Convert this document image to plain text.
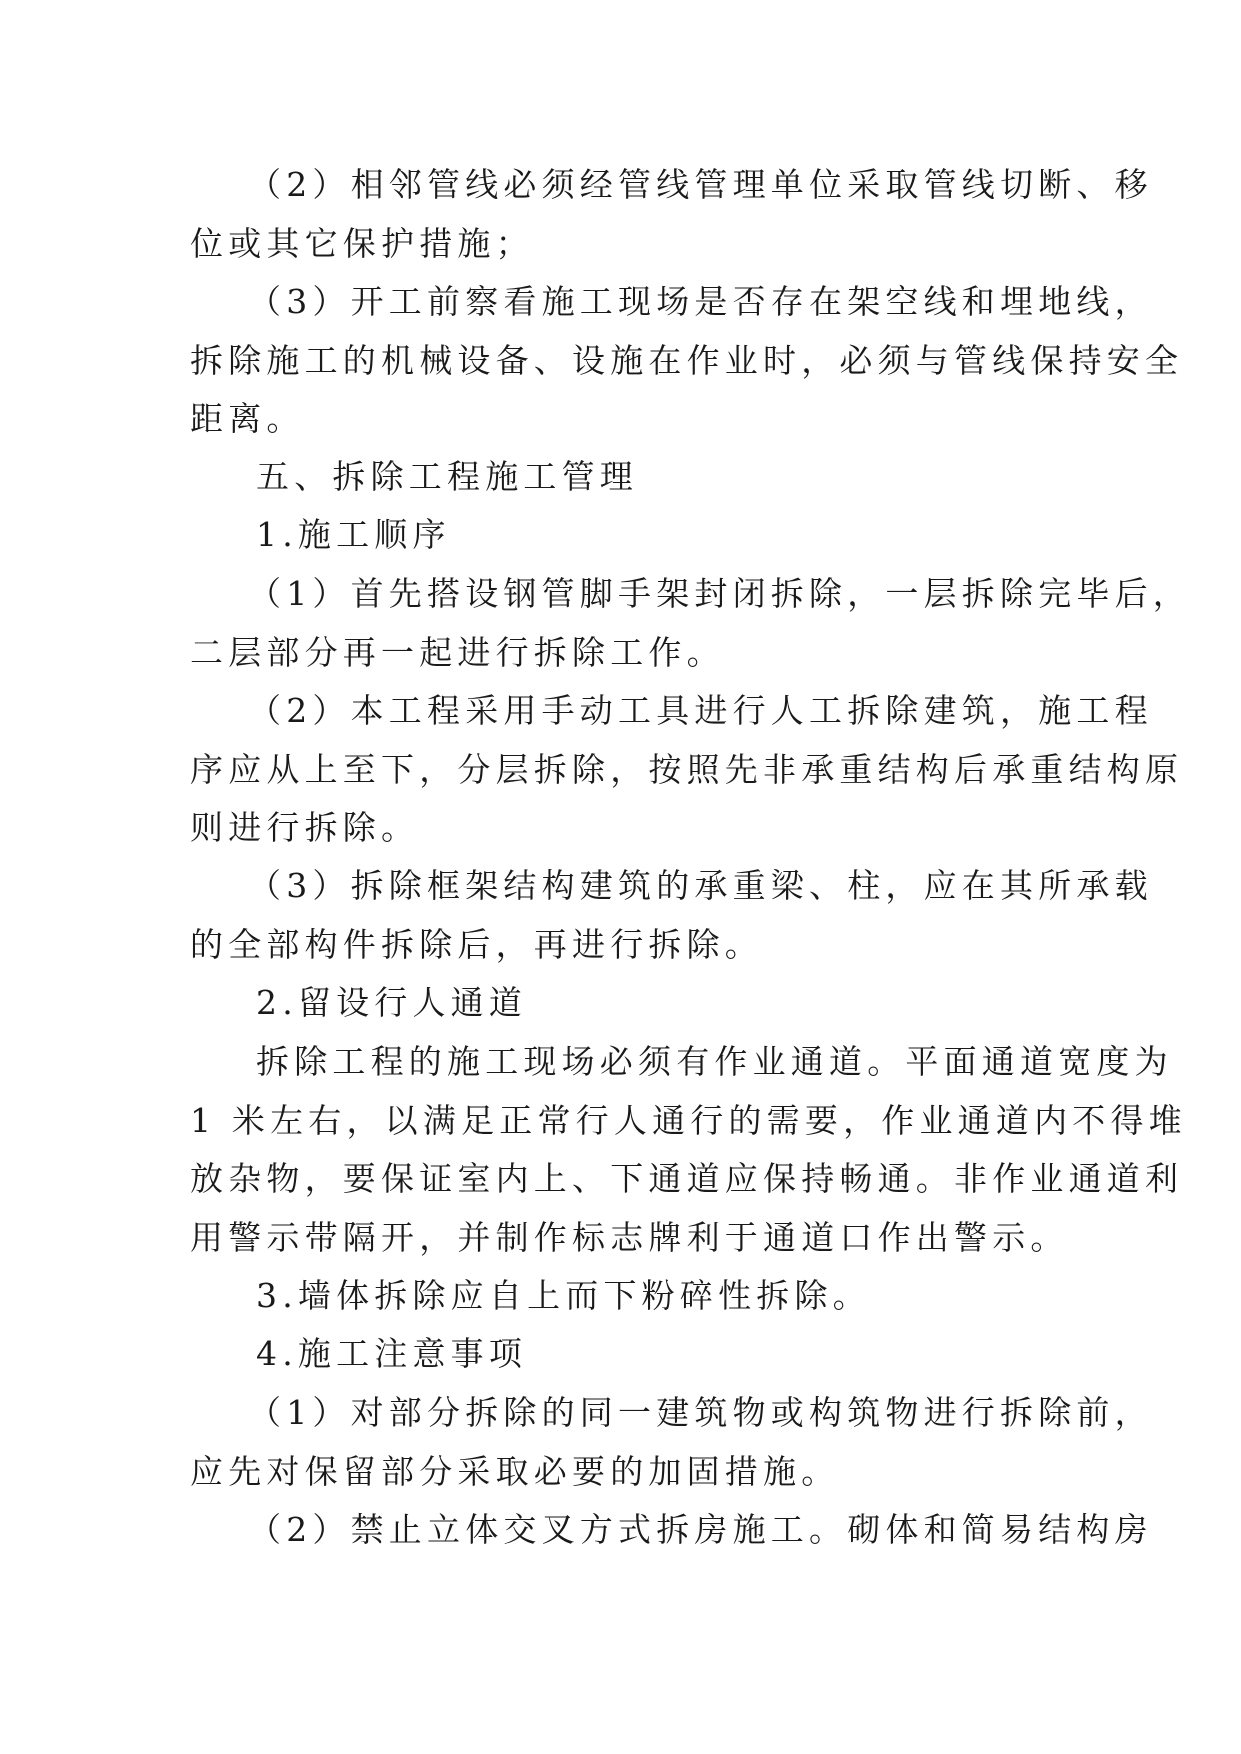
（2）相邻管线必须经管线管理单位采取管线切断、移
位或其它保护措施；
（3）开工前察看施工现场是否存在架空线和埋地线，
拆除施工的机械设备、设施在作业时，必须与管线保持安全
距离。
五、拆除工程施工管理
1.施工顺序
（1）首先搭设钢管脚手架封闭拆除，一层拆除完毕后，
二层部分再一起进行拆除工作。
（2）本工程采用手动工具进行人工拆除建筑，施工程
序应从上至下，分层拆除，按照先非承重结构后承重结构原
则进行拆除。
（3）拆除框架结构建筑的承重梁、柱，应在其所承载
的全部构件拆除后，再进行拆除。
2.留设行人通道
拆除工程的施工现场必须有作业通道。平面通道宽度为
1 米左右，以满足正常行人通行的需要，作业通道内不得堆
放杂物，要保证室内上、下通道应保持畅通。非作业通道利
用警示带隔开，并制作标志牌利于通道口作出警示。
3.墙体拆除应自上而下粉碎性拆除。
4.施工注意事项
（1）对部分拆除的同一建筑物或构筑物进行拆除前，
应先对保留部分采取必要的加固措施。
（2）禁止立体交叉方式拆房施工。砌体和简易结构房
